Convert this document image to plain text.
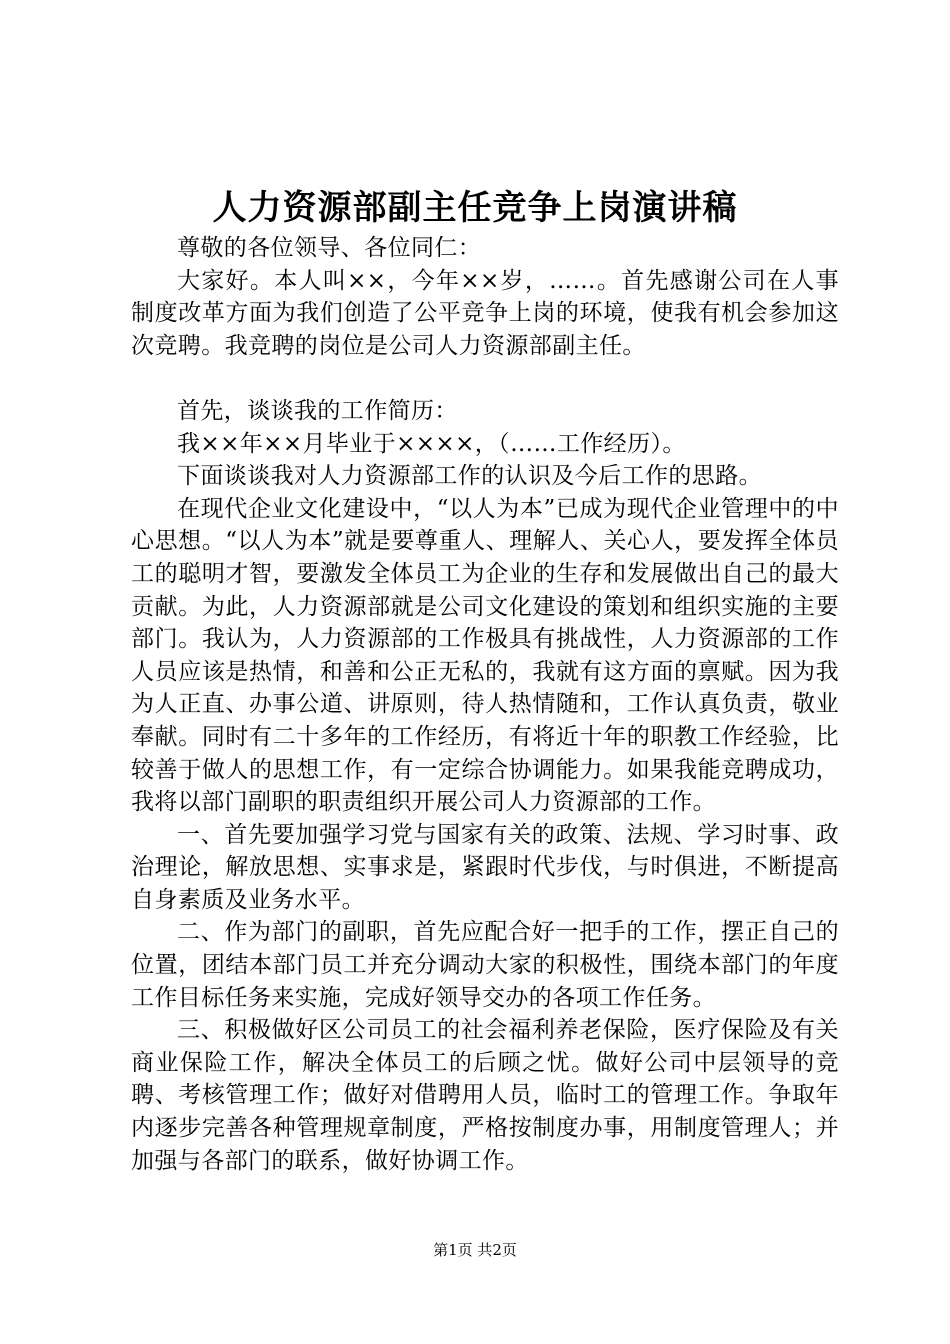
人力资源部副主任竞争上岗演讲稿

尊敬的各位领导、各位同仁：

大家好。本人叫××，今年××岁，……。首先感谢公司在人事制度改革方面为我们创造了公平竞争上岗的环境，使我有机会参加这次竞聘。我竞聘的岗位是公司人力资源部副主任。

首先，谈谈我的工作简历：

我××年××月毕业于××××，（……工作经历）。

下面谈谈我对人力资源部工作的认识及今后工作的思路。

在现代企业文化建设中，“以人为本”已成为现代企业管理中的中心思想。“以人为本”就是要尊重人、理解人、关心人，要发挥全体员工的聪明才智，要激发全体员工为企业的生存和发展做出自己的最大贡献。为此，人力资源部就是公司文化建设的策划和组织实施的主要部门。我认为，人力资源部的工作极具有挑战性，人力资源部的工作人员应该是热情，和善和公正无私的，我就有这方面的禀赋。因为我为人正直、办事公道、讲原则，待人热情随和，工作认真负责，敬业奉献。同时有二十多年的工作经历，有将近十年的职教工作经验，比较善于做人的思想工作，有一定综合协调能力。如果我能竞聘成功，我将以部门副职的职责组织开展公司人力资源部的工作。

一、首先要加强学习党与国家有关的政策、法规、学习时事、政治理论，解放思想、实事求是，紧跟时代步伐，与时俱进，不断提高自身素质及业务水平。

二、作为部门的副职，首先应配合好一把手的工作，摆正自己的位置，团结本部门员工并充分调动大家的积极性，围绕本部门的年度工作目标任务来实施，完成好领导交办的各项工作任务。

三、积极做好区公司员工的社会福利养老保险，医疗保险及有关商业保险工作，解决全体员工的后顾之忧。做好公司中层领导的竞聘、考核管理工作；做好对借聘用人员，临时工的管理工作。争取年内逐步完善各种管理规章制度，严格按制度办事，用制度管理人；并加强与各部门的联系，做好协调工作。

第1页 共2页
